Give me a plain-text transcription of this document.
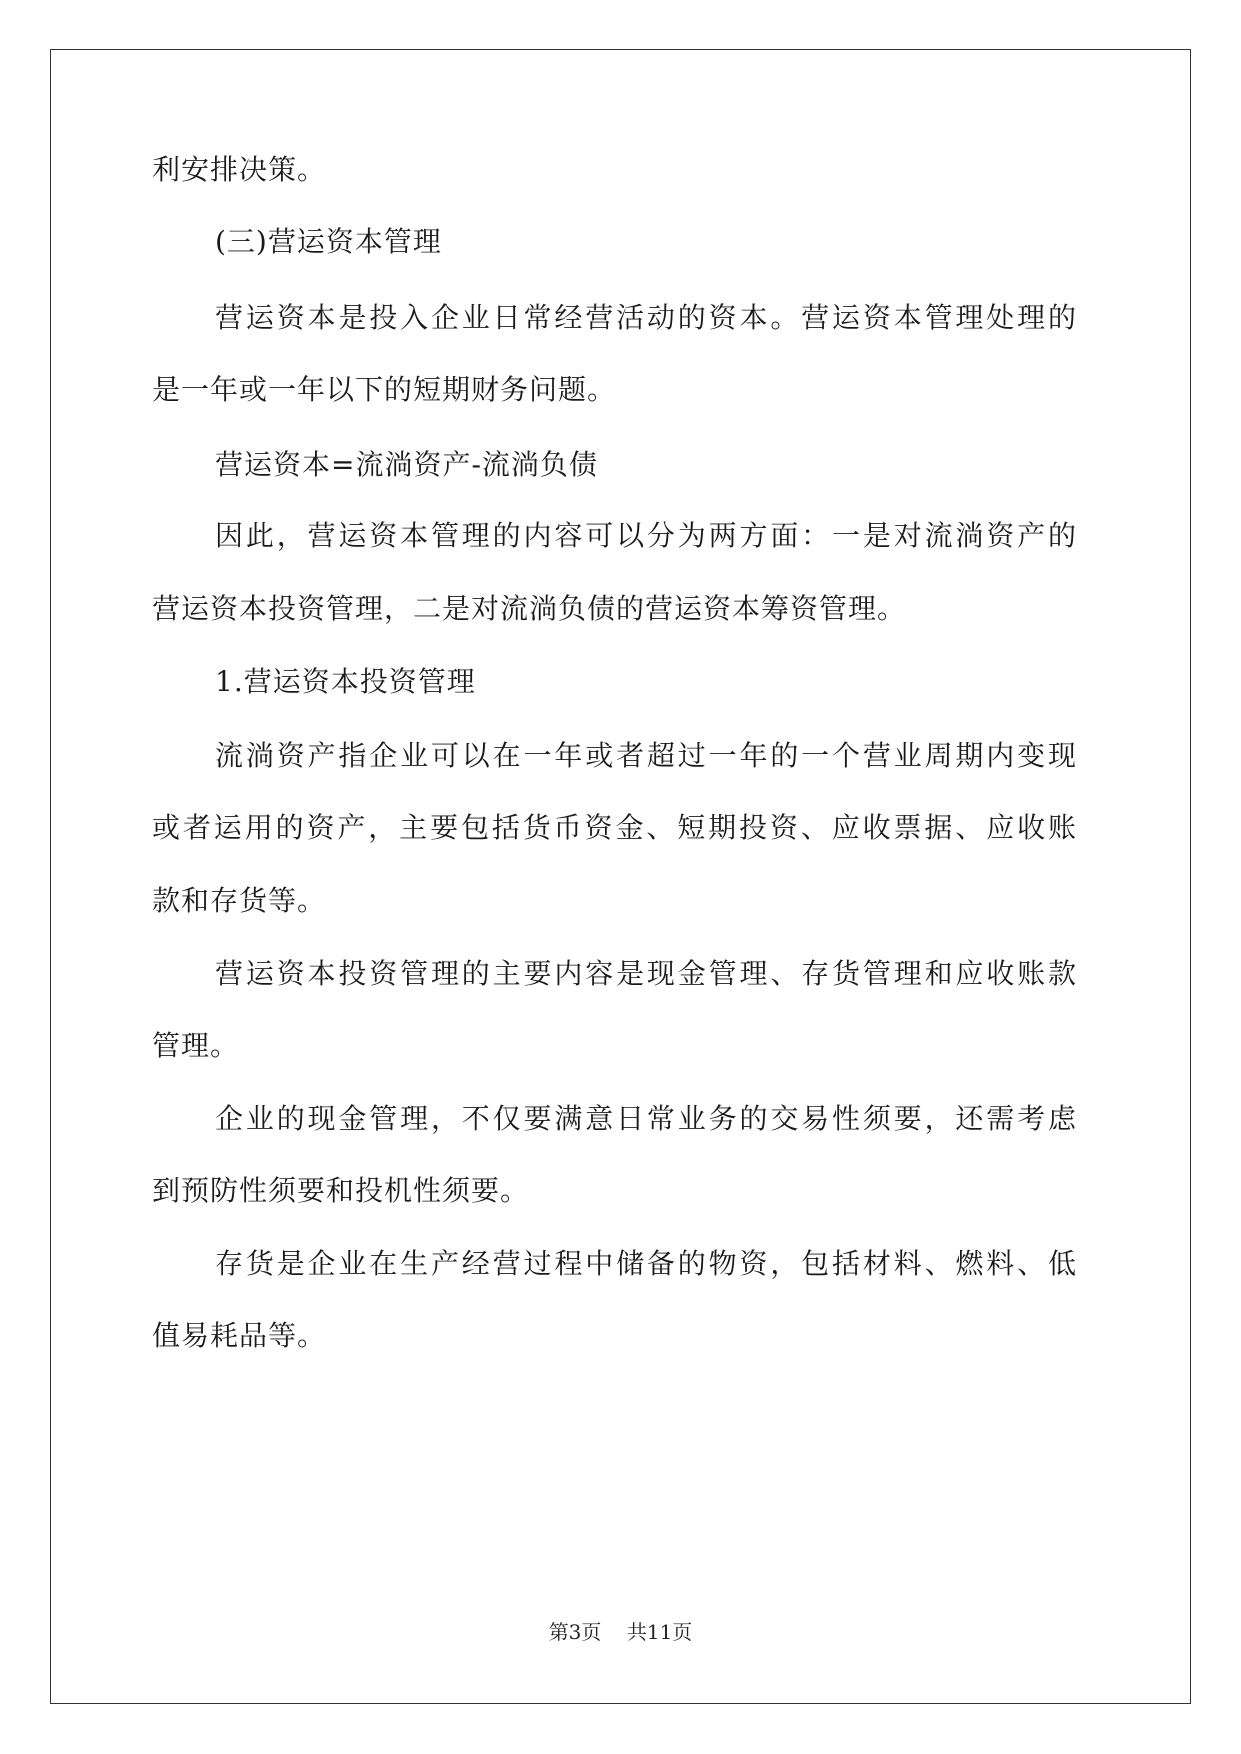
利安排决策。
(三)营运资本管理
营运资本是投入企业日常经营活动的资本。营运资本管理处理的
是一年或一年以下的短期财务问题。
营运资本=流淌资产-流淌负债
因此，营运资本管理的内容可以分为两方面：一是对流淌资产的
营运资本投资管理，二是对流淌负债的营运资本筹资管理。
1.营运资本投资管理
流淌资产指企业可以在一年或者超过一年的一个营业周期内变现
或者运用的资产，主要包括货币资金、短期投资、应收票据、应收账
款和存货等。
营运资本投资管理的主要内容是现金管理、存货管理和应收账款
管理。
企业的现金管理，不仅要满意日常业务的交易性须要，还需考虑
到预防性须要和投机性须要。
存货是企业在生产经营过程中储备的物资，包括材料、燃料、低
值易耗品等。
第3页 共11页
